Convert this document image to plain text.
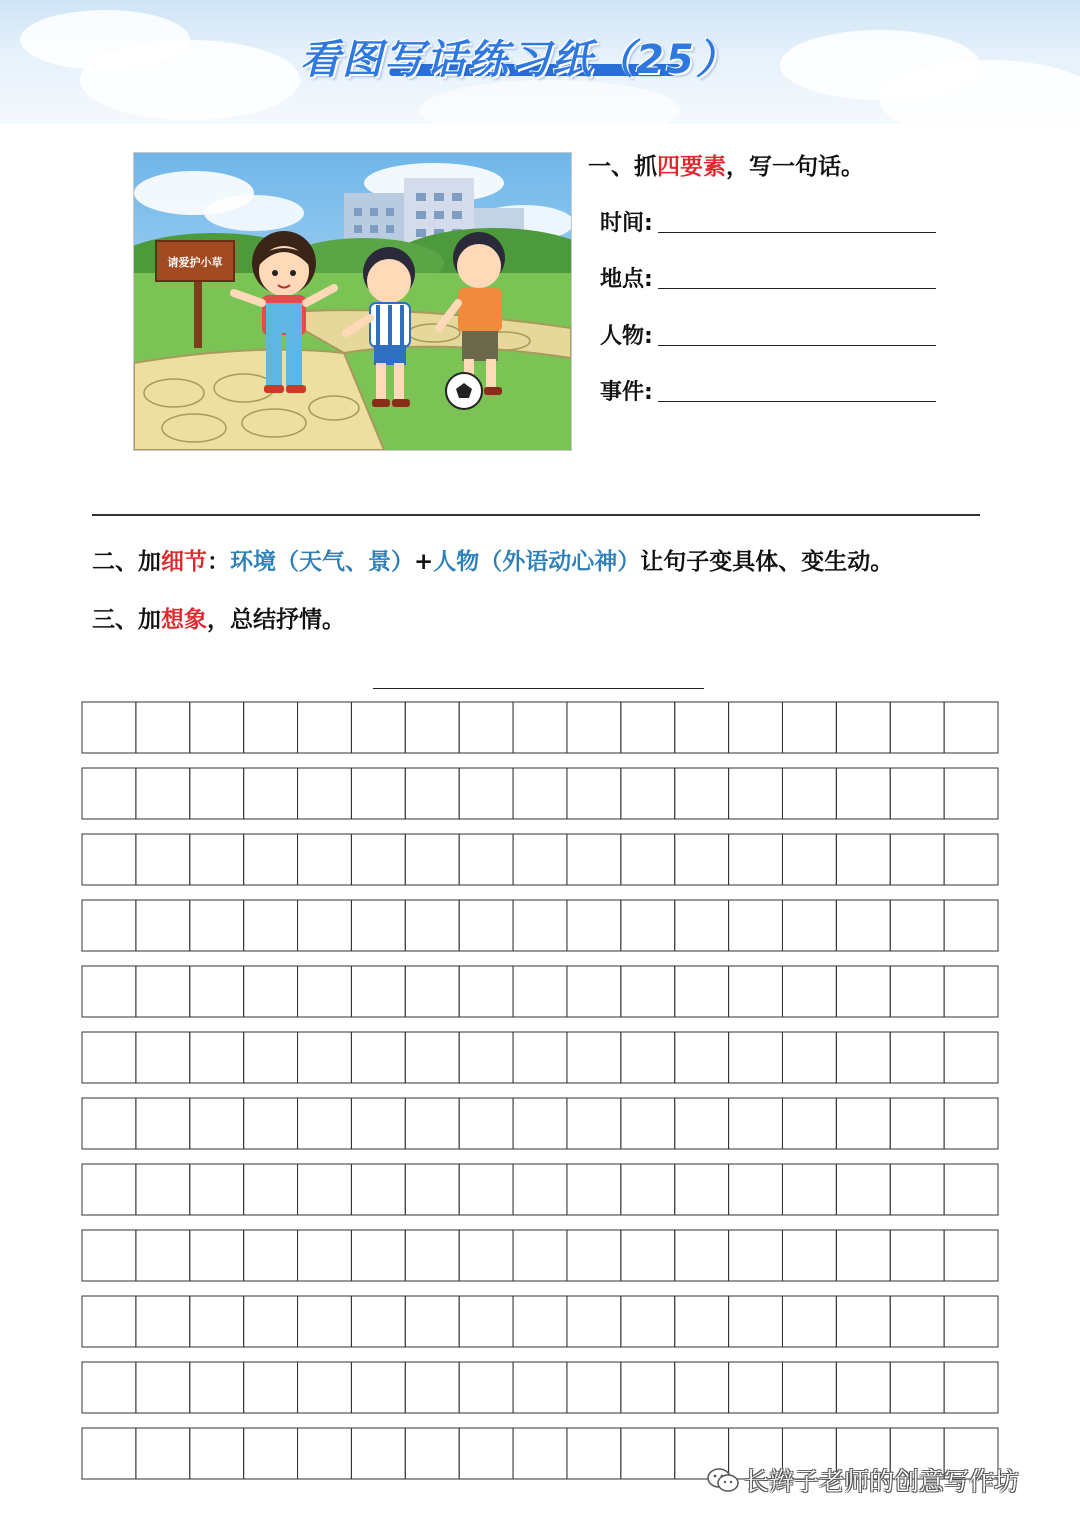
看图写话练习纸（25）
请爱护小草
一、抓四要素，写一句话。
时间:
地点:
人物:
事件:
二、加细节：环境（天气、景）+人物（外语动心神）让句子变具体、变生动。
三、加想象，总结抒情。
长辫子老师的创意写作坊
